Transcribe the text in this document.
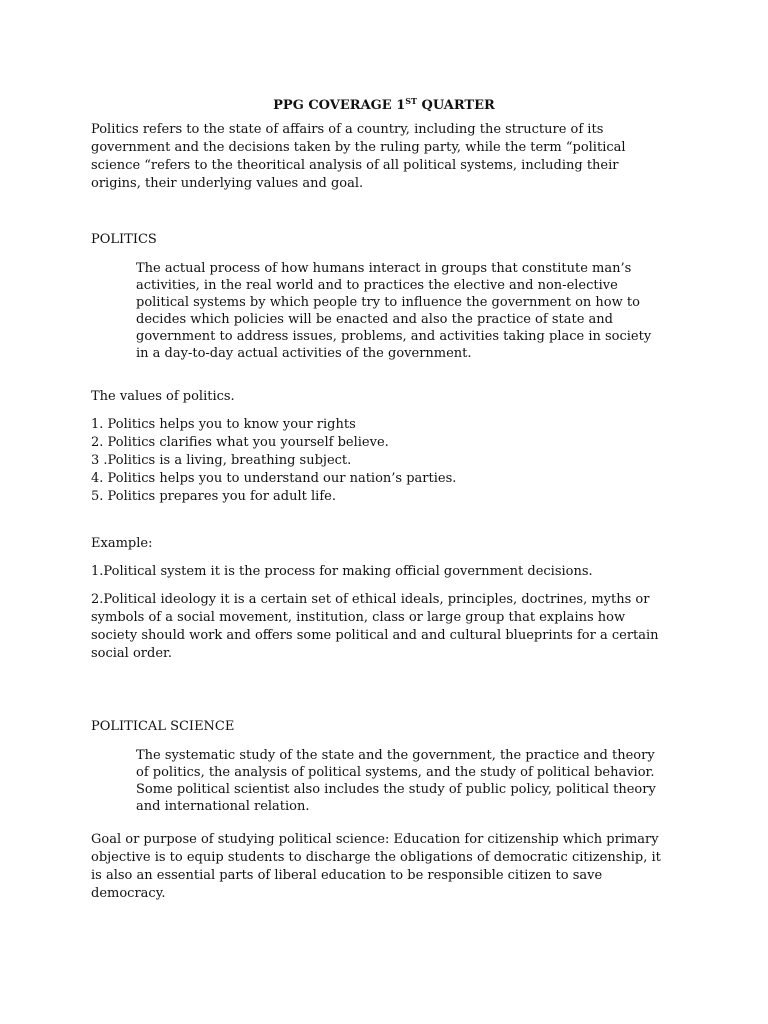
PPG COVERAGE 1ST QUARTER
Politics refers to the state of affairs of a country, including the structure of its
government and the decisions taken by the ruling party, while the term “political
science “refers to the theoritical analysis of all political systems, including their
origins, their underlying values and goal.
POLITICS
The actual process of how humans interact in groups that constitute man’s
activities, in the real world and to practices the elective and non-elective
political systems by which people try to influence the government on how to
decides which policies will be enacted and also the practice of state and
government to address issues, problems, and activities taking place in society
in a day-to-day actual activities of the government.
The values of politics.
1. Politics helps you to know your rights
2. Politics clarifies what you yourself believe.
3 .Politics is a living, breathing subject.
4. Politics helps you to understand our nation’s parties.
5. Politics prepares you for adult life.
Example:
1.Political system it is the process for making official government decisions.
2.Political ideology it is a certain set of ethical ideals, principles, doctrines, myths or
symbols of a social movement, institution, class or large group that explains how
society should work and offers some political and and cultural blueprints for a certain
social order.
POLITICAL SCIENCE
The systematic study of the state and the government, the practice and theory
of politics, the analysis of political systems, and the study of political behavior.
Some political scientist also includes the study of public policy, political theory
and international relation.
Goal or purpose of studying political science: Education for citizenship which primary
objective is to equip students to discharge the obligations of democratic citizenship, it
is also an essential parts of liberal education to be responsible citizen to save
democracy.
